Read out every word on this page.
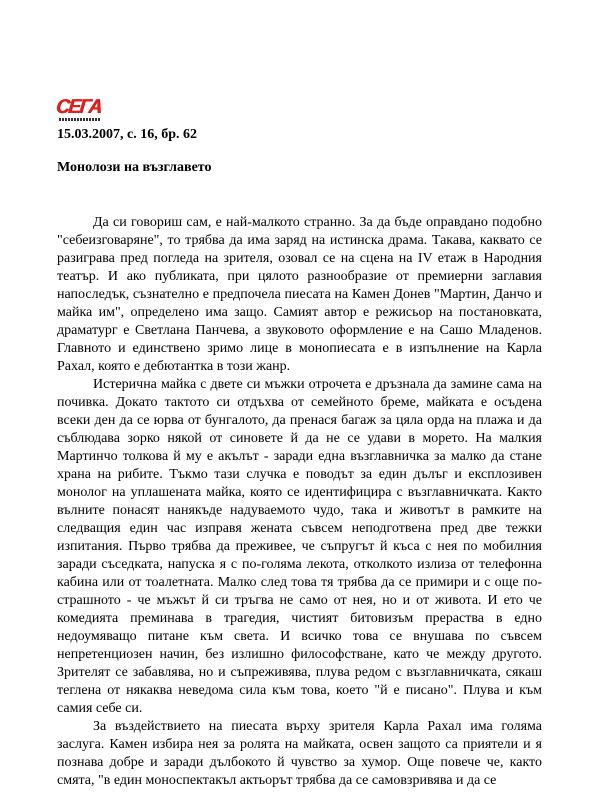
СЕГА
15.03.2007, с. 16, бр. 62
Монолози на възглавето

Да си говориш сам, е най-малкото странно. За да бъде оправдано подобно "себеизговаряне", то трябва да има заряд на истинска драма. Такава, каквато се разиграва пред погледа на зрителя, озовал се на сцена на IV етаж в Народния театър. И ако публиката, при цялото разнообразие от премиерни заглавия напоследък, съзнателно е предпочела пиесата на Камен Донев "Мартин, Данчо и майка им", определено има защо. Самият автор е режисьор на постановката, драматург е Светлана Панчева, а звуковото оформление е на Сашо Младенов. Главното и единствено зримо лице в монопиесата е в изпълнение на Карла Рахал, която е дебютантка в този жанр.

Истерична майка с двете си мъжки отрочета е дръзнала да замине сама на почивка. Докато тактото си отдъхва от семейното бреме, майката е осъдена всеки ден да се юрва от бунгалото, да пренася багаж за цяла орда на плажа и да съблюдава зорко някой от синовете й да не се удави в морето. На малкия Мартинчо толкова й му е акълът - заради една възглавничка за малко да стане храна на рибите. Тъкмо тази случка е поводът за един дълъг и експлозивен монолог на уплашената майка, която се идентифицира с възглавничката. Както вълните понасят нанякъде надуваемото чудо, така и животът в рамките на следващия един час изправя жената съвсем неподготвена пред две тежки изпитания. Първо трябва да преживее, че съпругът й къса с нея по мобилния заради съседката, напуска я с по-голяма лекота, отколкото излиза от телефонна кабина или от тоалетната. Малко след това тя трябва да се примири и с още по-страшното - че мъжът й си тръгва не само от нея, но и от живота. И ето че комедията преминава в трагедия, чистият битовизъм прераства в едно недоумяващо питане към света. И всичко това се внушава по съвсем непретенциозен начин, без излишно философстване, като че между другото. Зрителят се забавлява, но и съпреживява, плува редом с възглавничката, сякаш теглена от някаква неведома сила към това, което "й е писано". Плува и към самия себе си.

За въздействието на пиесата върху зрителя Карла Рахал има голяма заслуга. Камен избира нея за ролята на майката, освен защото са приятели и я познава добре и заради дълбокото й чувство за хумор. Още повече че, както смята, "в един моноспектакъл актьорът трябва да се самовзривява и да се
